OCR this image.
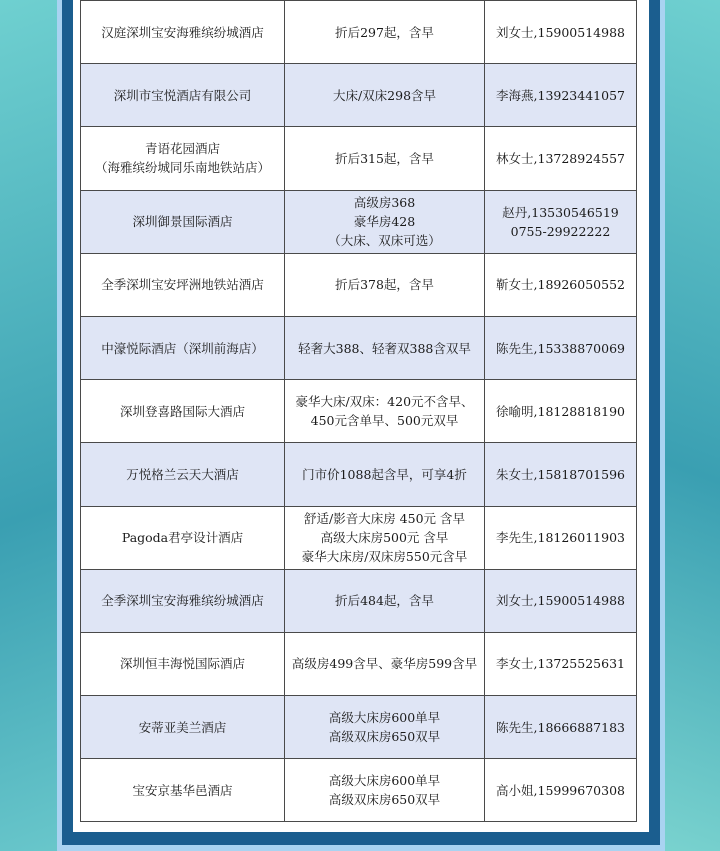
汉庭深圳宝安海雅缤纷城酒店	折后297起，含早	刘女士,15900514988

深圳市宝悦酒店有限公司	大床/双床298含早	李海燕,13923441057

青语花园酒店
（海雅缤纷城同乐南地铁站店）	折后315起，含早	林女士,13728924557

深圳御景国际酒店	高级房368
豪华房428
（大床、双床可选）	赵丹,13530546519
0755-29922222

全季深圳宝安坪洲地铁站酒店	折后378起，含早	靳女士,18926050552

中濠悦际酒店（深圳前海店）	轻奢大388、轻奢双388含双早	陈先生,15338870069

深圳登喜路国际大酒店	豪华大床/双床：420元不含早、
450元含单早、500元双早	徐喻明,18128818190

万悦格兰云天大酒店	门市价1088起含早，可享4折	朱女士,15818701596

Pagoda君亭设计酒店	舒适/影音大床房 450元 含早
高级大床房500元 含早
豪华大床房/双床房550元含早	李先生,18126011903

全季深圳宝安海雅缤纷城酒店	折后484起，含早	刘女士,15900514988

深圳恒丰海悦国际酒店	高级房499含早、豪华房599含早	李女士,13725525631

安蒂亚美兰酒店	高级大床房600单早
高级双床房650双早	陈先生,18666887183

宝安京基华邑酒店	高级大床房600单早
高级双床房650双早	高小姐,15999670308
